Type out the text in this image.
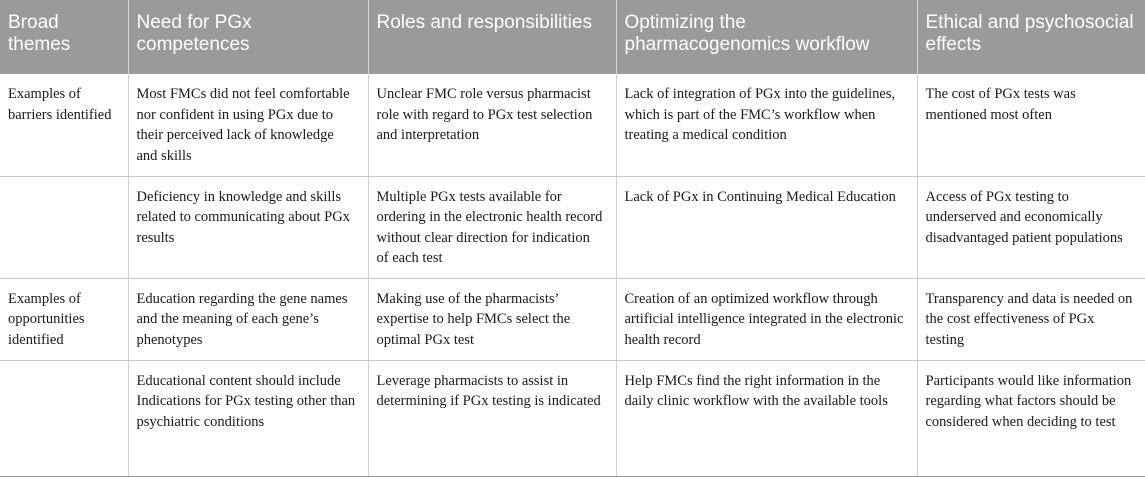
Broad themes	Need for PGx competences	Roles and responsibilities	Optimizing the pharmacogenomics workflow	Ethical and psychosocial effects
Examples of barriers identified	Most FMCs did not feel comfortable nor confident in using PGx due to their perceived lack of knowledge and skills	Unclear FMC role versus pharmacist role with regard to PGx test selection and interpretation	Lack of integration of PGx into the guidelines, which is part of the FMC’s workflow when treating a medical condition	The cost of PGx tests was mentioned most often
	Deficiency in knowledge and skills related to communicating about PGx results	Multiple PGx tests available for ordering in the electronic health record without clear direction for indication of each test	Lack of PGx in Continuing Medical Education	Access of PGx testing to underserved and economically disadvantaged patient populations
Examples of opportunities identified	Education regarding the gene names and the meaning of each gene’s phenotypes	Making use of the pharmacists’ expertise to help FMCs select the optimal PGx test	Creation of an optimized workflow through artificial intelligence integrated in the electronic health record	Transparency and data is needed on the cost effectiveness of PGx testing
	Educational content should include Indications for PGx testing other than psychiatric conditions	Leverage pharmacists to assist in determining if PGx testing is indicated	Help FMCs find the right information in the daily clinic workflow with the available tools	Participants would like information regarding what factors should be considered when deciding to test
